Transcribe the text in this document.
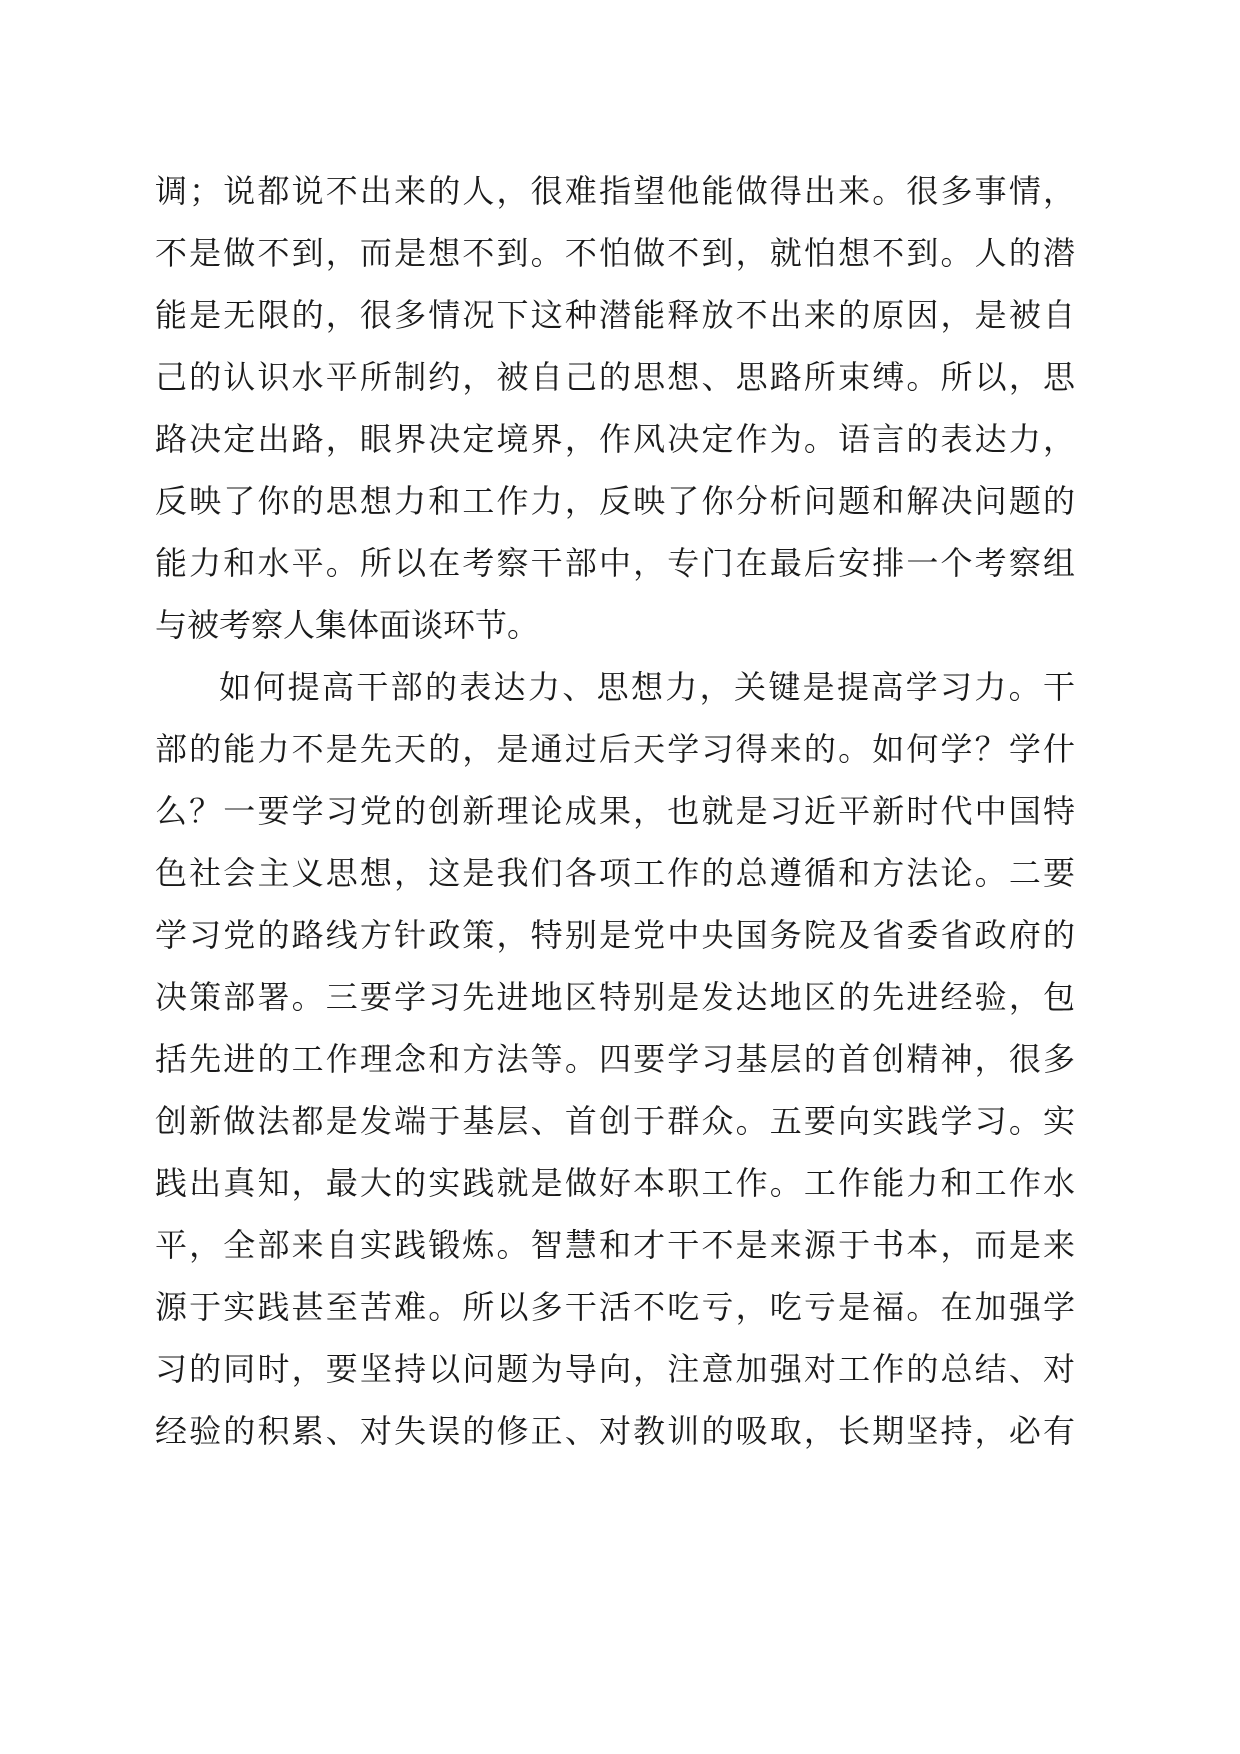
调；说都说不出来的人，很难指望他能做得出来。很多事情，
不是做不到，而是想不到。不怕做不到，就怕想不到。人的潜
能是无限的，很多情况下这种潜能释放不出来的原因，是被自
己的认识水平所制约，被自己的思想、思路所束缚。所以，思
路决定出路，眼界决定境界，作风决定作为。语言的表达力，
反映了你的思想力和工作力，反映了你分析问题和解决问题的
能力和水平。所以在考察干部中，专门在最后安排一个考察组
与被考察人集体面谈环节。
如何提高干部的表达力、思想力，关键是提高学习力。干
部的能力不是先天的，是通过后天学习得来的。如何学？学什
么？一要学习党的创新理论成果，也就是习近平新时代中国特
色社会主义思想，这是我们各项工作的总遵循和方法论。二要
学习党的路线方针政策，特别是党中央国务院及省委省政府的
决策部署。三要学习先进地区特别是发达地区的先进经验，包
括先进的工作理念和方法等。四要学习基层的首创精神，很多
创新做法都是发端于基层、首创于群众。五要向实践学习。实
践出真知，最大的实践就是做好本职工作。工作能力和工作水
平，全部来自实践锻炼。智慧和才干不是来源于书本，而是来
源于实践甚至苦难。所以多干活不吃亏，吃亏是福。在加强学
习的同时，要坚持以问题为导向，注意加强对工作的总结、对
经验的积累、对失误的修正、对教训的吸取，长期坚持，必有
